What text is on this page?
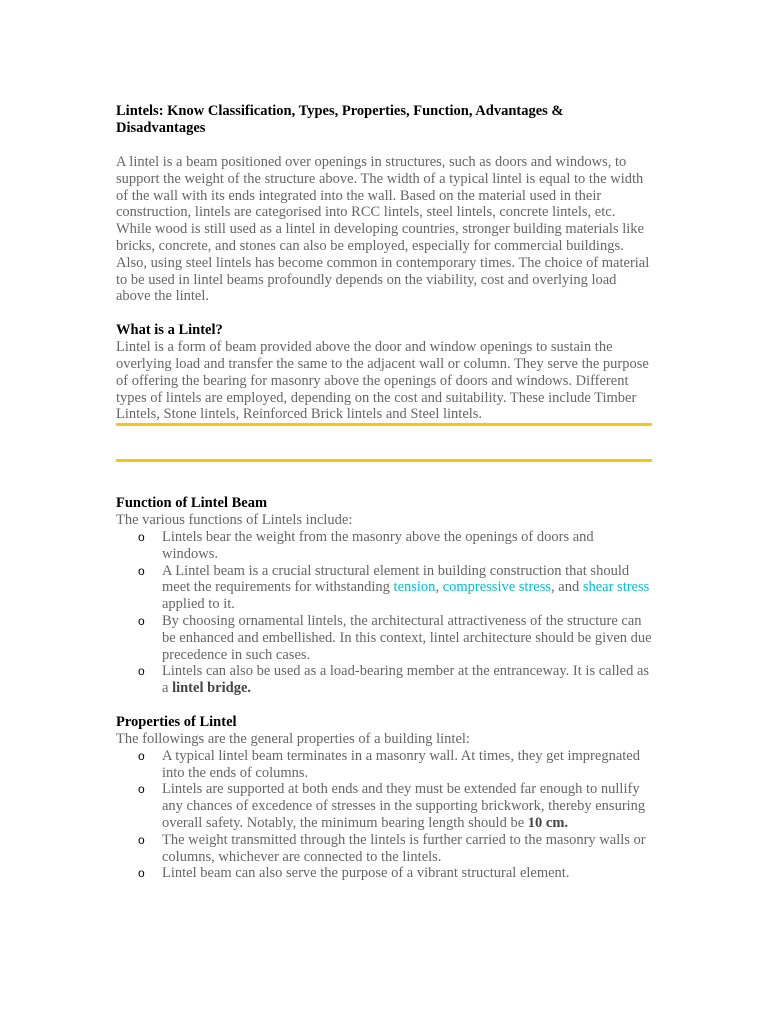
Lintels: Know Classification, Types, Properties, Function, Advantages & Disadvantages

A lintel is a beam positioned over openings in structures, such as doors and windows, to support the weight of the structure above. The width of a typical lintel is equal to the width of the wall with its ends integrated into the wall. Based on the material used in their construction, lintels are categorised into RCC lintels, steel lintels, concrete lintels, etc. While wood is still used as a lintel in developing countries, stronger building materials like bricks, concrete, and stones can also be employed, especially for commercial buildings. Also, using steel lintels has become common in contemporary times. The choice of material to be used in lintel beams profoundly depends on the viability, cost and overlying load above the lintel.

What is a Lintel?

Lintel is a form of beam provided above the door and window openings to sustain the overlying load and transfer the same to the adjacent wall or column. They serve the purpose of offering the bearing for masonry above the openings of doors and windows. Different types of lintels are employed, depending on the cost and suitability. These include Timber Lintels, Stone lintels, Reinforced Brick lintels and Steel lintels.

Function of Lintel Beam

The various functions of Lintels include:

o Lintels bear the weight from the masonry above the openings of doors and windows.
o A Lintel beam is a crucial structural element in building construction that should meet the requirements for withstanding tension, compressive stress, and shear stress applied to it.
o By choosing ornamental lintels, the architectural attractiveness of the structure can be enhanced and embellished. In this context, lintel architecture should be given due precedence in such cases.
o Lintels can also be used as a load-bearing member at the entranceway. It is called as a lintel bridge.
Properties of Lintel

The followings are the general properties of a building lintel:

o A typical lintel beam terminates in a masonry wall. At times, they get impregnated into the ends of columns.
o Lintels are supported at both ends and they must be extended far enough to nullify any chances of excedence of stresses in the supporting brickwork, thereby ensuring overall safety. Notably, the minimum bearing length should be 10 cm.
o The weight transmitted through the lintels is further carried to the masonry walls or columns, whichever are connected to the lintels.
o Lintel beam can also serve the purpose of a vibrant structural element.
